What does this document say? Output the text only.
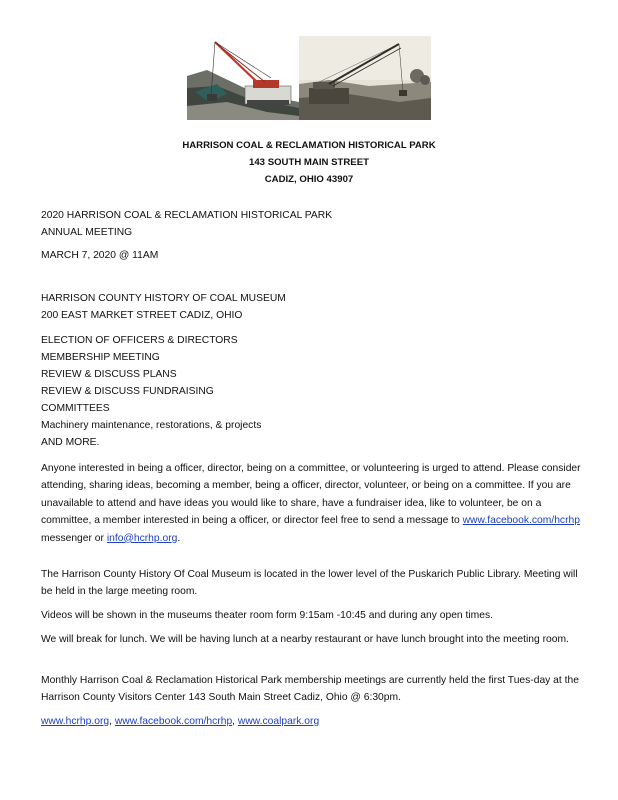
HARRISON COAL & RECLAMATION HISTORICAL PARK
143 SOUTH MAIN STREET
CADIZ, OHIO 43907
2020 HARRISON COAL & RECLAMATION HISTORICAL PARK
ANNUAL MEETING
MARCH 7, 2020 @ 11AM
HARRISON COUNTY HISTORY OF COAL MUSEUM
200 EAST MARKET STREET CADIZ, OHIO
ELECTION OF OFFICERS & DIRECTORS
MEMBERSHIP MEETING
REVIEW & DISCUSS PLANS
REVIEW & DISCUSS FUNDRAISING
COMMITTEES
Machinery maintenance, restorations, & projects
AND MORE.
Anyone interested in being a officer, director, being on a committee, or volunteering is urged to attend. Please consider attending, sharing ideas, becoming a member, being a officer, director, volunteer, or being on a committee. If you are unavailable to attend and have ideas you would like to share, have a fundraiser idea, like to volunteer, be on a committee, a member interested in being a officer, or director feel free to send a message to www.facebook.com/hcrhp messenger or info@hcrhp.org.
The Harrison County History Of Coal Museum is located in the lower level of the Puskarich Public Library. Meeting will be held in the large meeting room.
Videos will be shown in the museums theater room form 9:15am -10:45 and during any open times.
We will break for lunch. We will be having lunch at a nearby restaurant or have lunch brought into the meeting room.
Monthly Harrison Coal & Reclamation Historical Park membership meetings are currently held the first Tues-day at the Harrison County Visitors Center 143 South Main Street Cadiz, Ohio @ 6:30pm.
www.hcrhp.org, www.facebook.com/hcrhp, www.coalpark.org
